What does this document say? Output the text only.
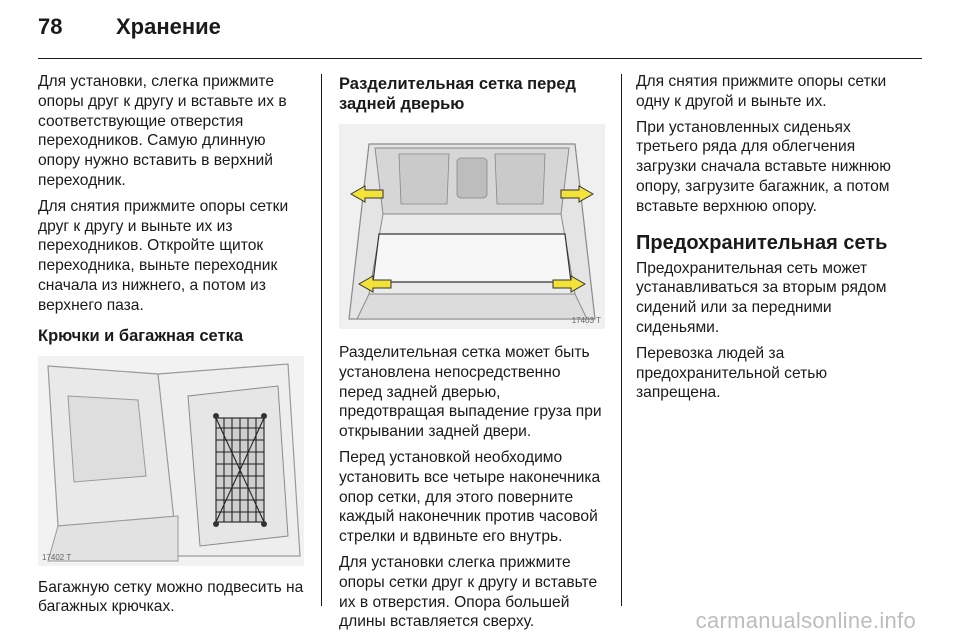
78	Хранение

Для установки, слегка прижмите опоры друг к другу и вставьте их в соответствующие отверстия переходников. Самую длинную опору нужно вставить в верхний переходник.

Для снятия прижмите опоры сетки друг к другу и выньте их из переходников. Откройте щиток переходника, выньте переходник сначала из нижнего, а потом из верхнего паза.

Крючки и багажная сетка
17402 T

Багажную сетку можно подвесить на багажных крючках.

Разделительная сетка перед задней дверью
17403 T

Разделительная сетка может быть установлена непосредственно перед задней дверью, предотвращая выпадение груза при открывании задней двери.

Перед установкой необходимо установить все четыре наконечника опор сетки, для этого поверните каждый наконечник против часовой стрелки и вдвиньте его внутрь.

Для установки слегка прижмите опоры сетки друг к другу и вставьте их в отверстия. Опора большей длины вставляется сверху.

Для снятия прижмите опоры сетки одну к другой и выньте их.

При установленных сиденьях третьего ряда для облегчения загрузки сначала вставьте нижнюю опору, загрузите багажник, а потом вставьте верхнюю опору.

Предохранительная сеть

Предохранительная сеть может устанавливаться за вторым рядом сидений или за передними сиденьями.

Перевозка людей за предохранительной сетью запрещена.

carmanualsonline.info
